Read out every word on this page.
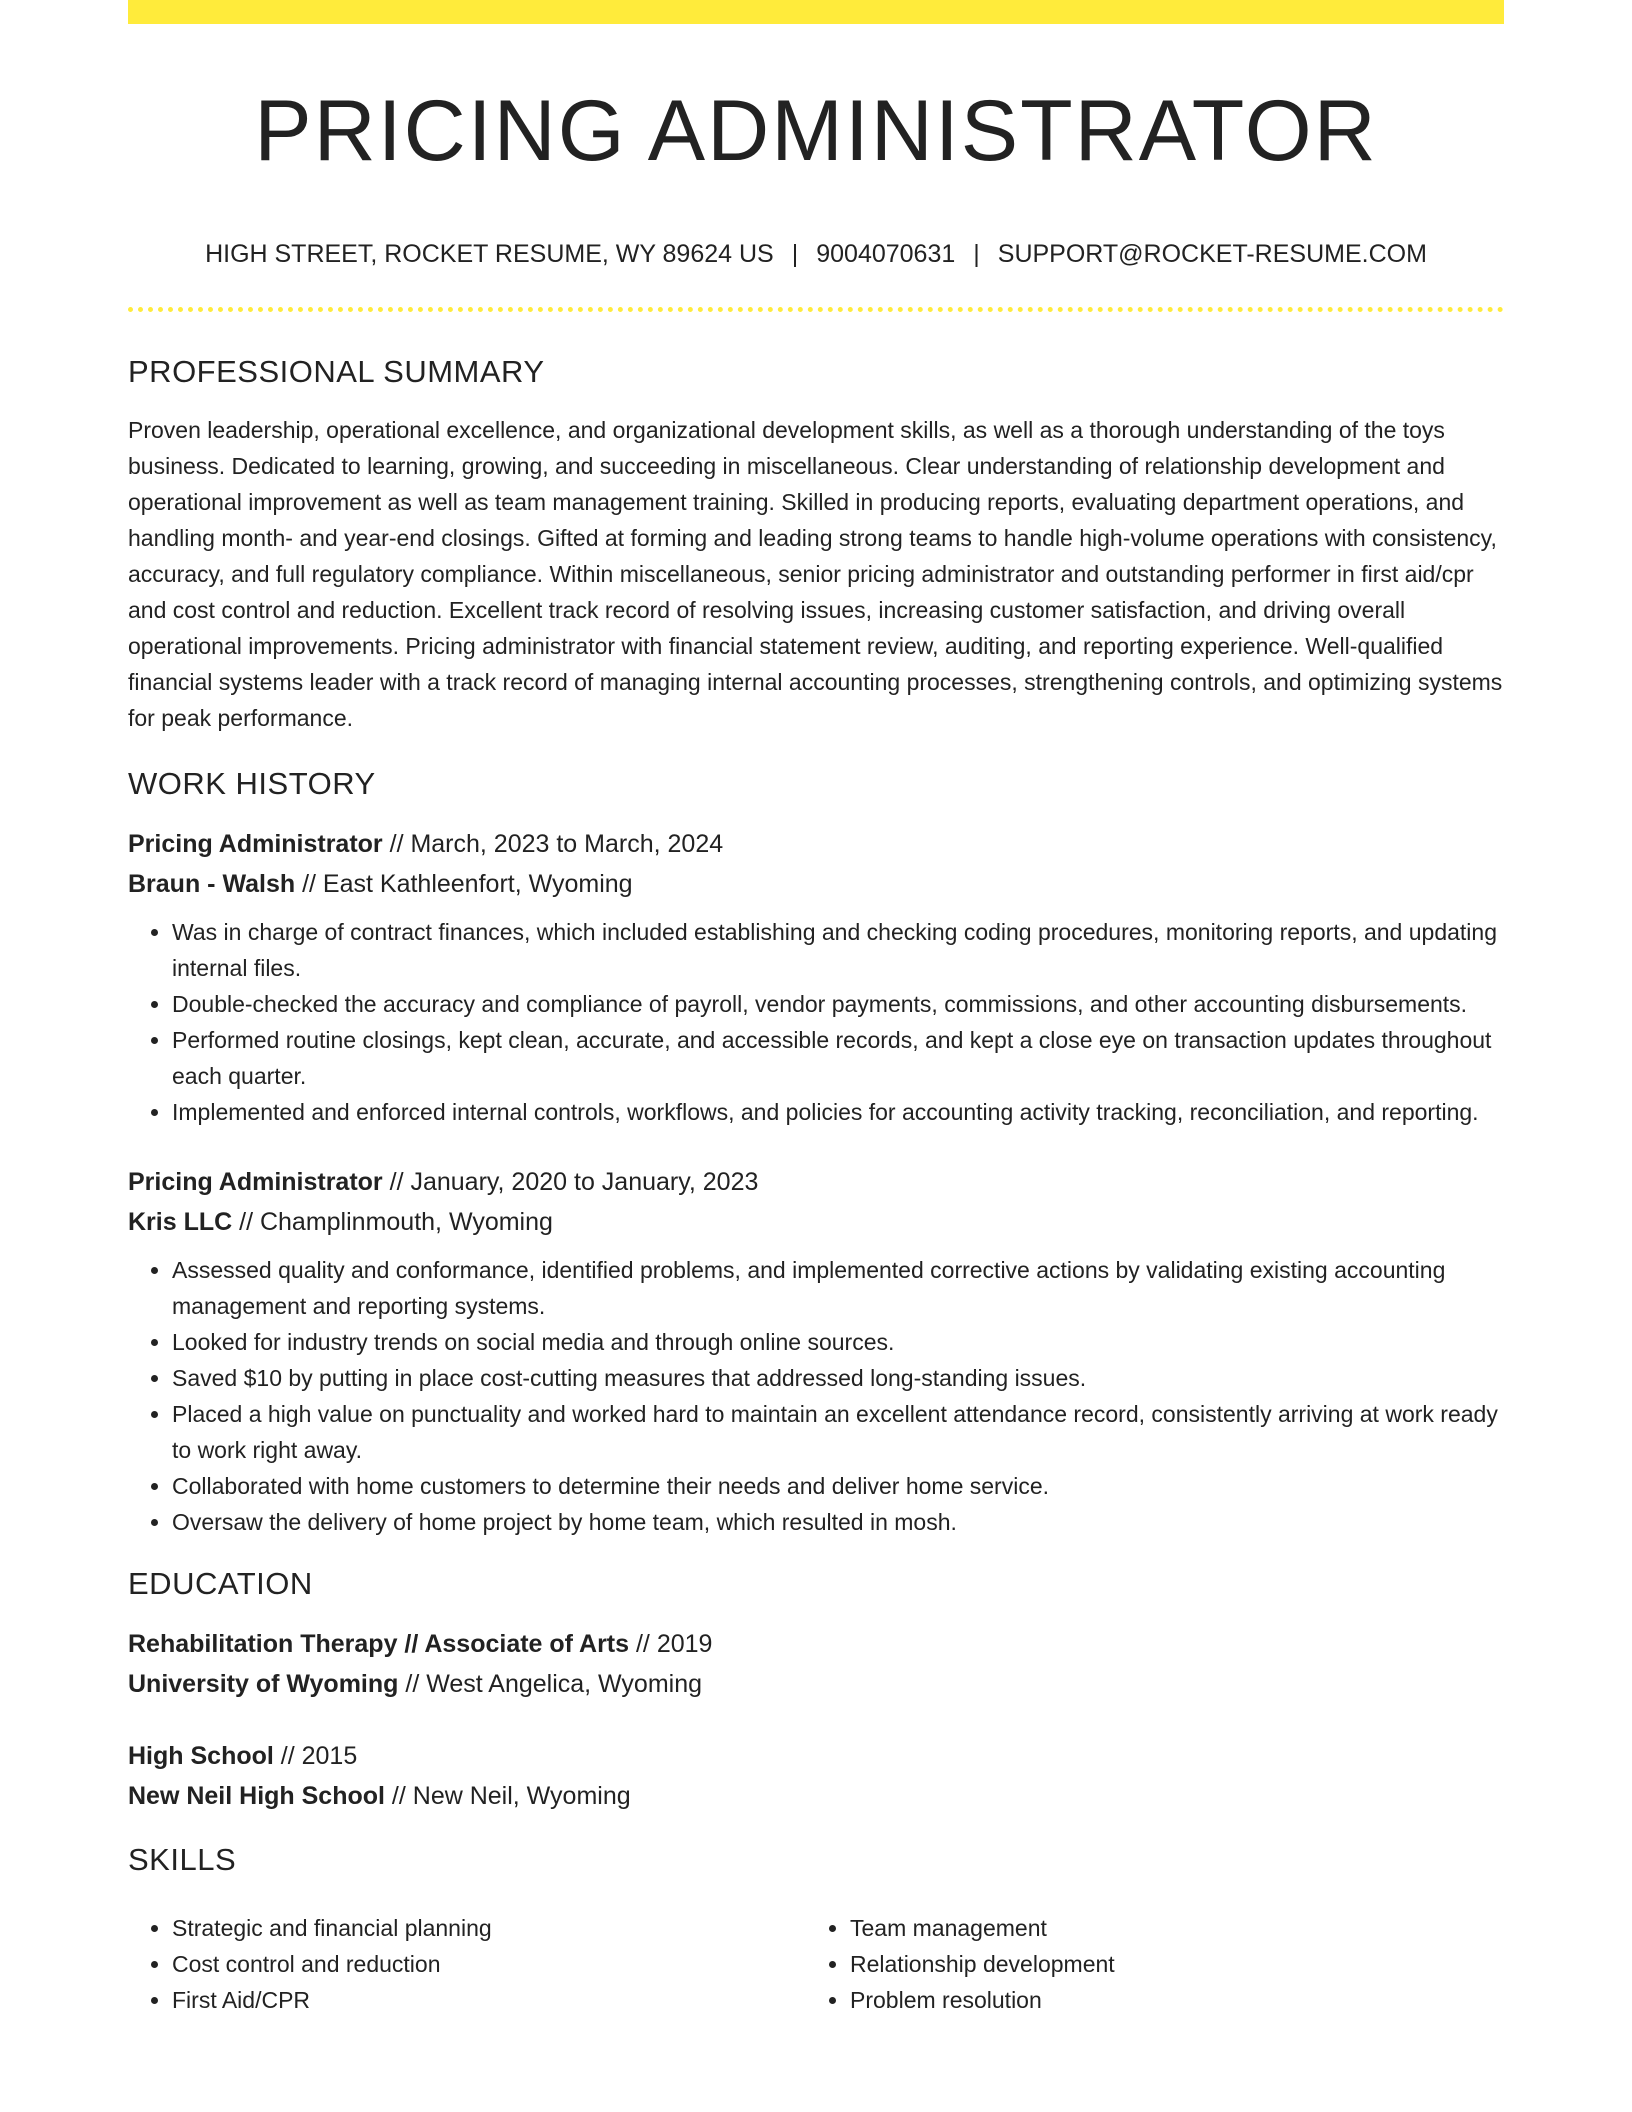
PRICING ADMINISTRATOR
HIGH STREET, ROCKET RESUME, WY 89624 US | 9004070631 | SUPPORT@ROCKET-RESUME.COM
PROFESSIONAL SUMMARY

Proven leadership, operational excellence, and organizational development skills, as well as a thorough understanding of the toys business. Dedicated to learning, growing, and succeeding in miscellaneous. Clear understanding of relationship development and operational improvement as well as team management training. Skilled in producing reports, evaluating department operations, and handling month- and year-end closings. Gifted at forming and leading strong teams to handle high-volume operations with consistency, accuracy, and full regulatory compliance. Within miscellaneous, senior pricing administrator and outstanding performer in first aid/cpr and cost control and reduction. Excellent track record of resolving issues, increasing customer satisfaction, and driving overall operational improvements. Pricing administrator with financial statement review, auditing, and reporting experience. Well-qualified financial systems leader with a track record of managing internal accounting processes, strengthening controls, and optimizing systems for peak performance.

WORK HISTORY

Pricing Administrator // March, 2023 to March, 2024

Braun - Walsh // East Kathleenfort, Wyoming

• Was in charge of contract finances, which included establishing and checking coding procedures, monitoring reports, and updating internal files.
• Double-checked the accuracy and compliance of payroll, vendor payments, commissions, and other accounting disbursements.
• Performed routine closings, kept clean, accurate, and accessible records, and kept a close eye on transaction updates throughout each quarter.
• Implemented and enforced internal controls, workflows, and policies for accounting activity tracking, reconciliation, and reporting.

Pricing Administrator // January, 2020 to January, 2023

Kris LLC // Champlinmouth, Wyoming

• Assessed quality and conformance, identified problems, and implemented corrective actions by validating existing accounting management and reporting systems.
• Looked for industry trends on social media and through online sources.
• Saved $10 by putting in place cost-cutting measures that addressed long-standing issues.
• Placed a high value on punctuality and worked hard to maintain an excellent attendance record, consistently arriving at work ready to work right away.
• Collaborated with home customers to determine their needs and deliver home service.
• Oversaw the delivery of home project by home team, which resulted in mosh.
EDUCATION

Rehabilitation Therapy // Associate of Arts // 2019

University of Wyoming // West Angelica, Wyoming

High School // 2015

New Neil High School // New Neil, Wyoming

SKILLS
• Strategic and financial planning
• Cost control and reduction
• First Aid/CPR
• Team management
• Relationship development
• Problem resolution
